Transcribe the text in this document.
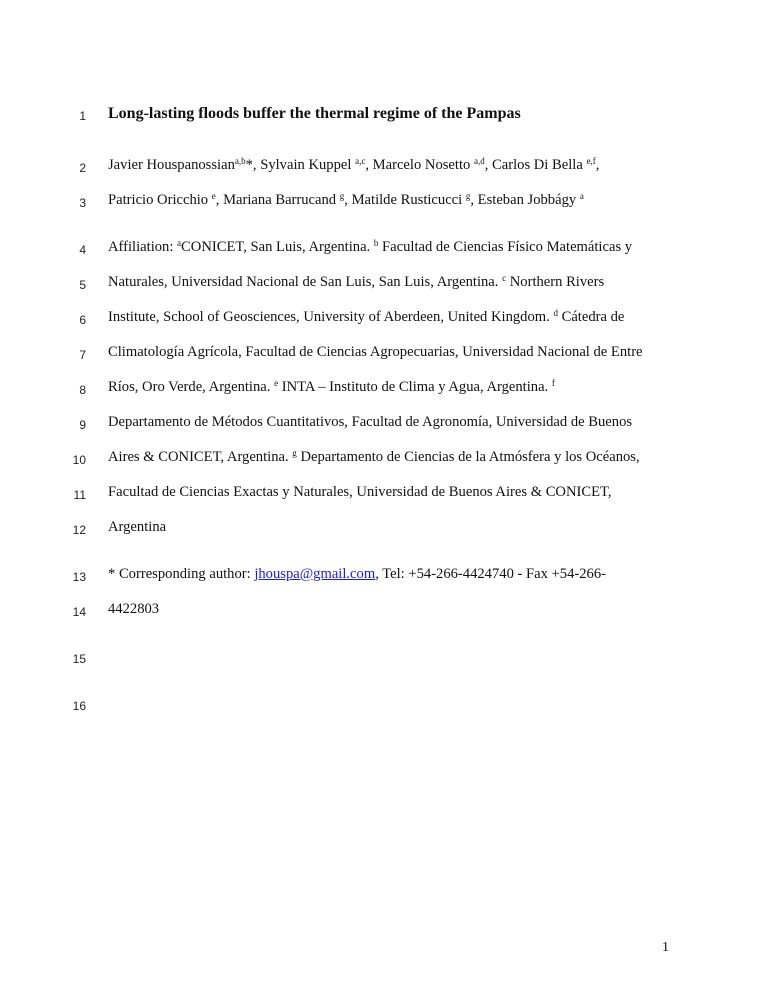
1
2
3
4
5
6
7
8
9
10
11
12
13
14
15
16
Long-lasting floods buffer the thermal regime of the Pampas
Javier Houspanossian$^{a,b}$*, Sylvain Kuppel $^{a,c}$, Marcelo Nosetto $^{a,d}$, Carlos Di Bella $^{e,f}$,
Patricio Oricchio $^e$, Mariana Barrucand $^g$, Matilde Rusticucci $^g$, Esteban Jobbágy $^a$
Affiliation: $^a$CONICET, San Luis, Argentina. $^b$ Facultad de Ciencias Físico Matemáticas y
Naturales, Universidad Nacional de San Luis, San Luis, Argentina. $^c$ Northern Rivers
Institute, School of Geosciences, University of Aberdeen, United Kingdom. $^d$ Cátedra de
Climatología Agrícola, Facultad de Ciencias Agropecuarias, Universidad Nacional de Entre
Ríos, Oro Verde, Argentina. $^e$ INTA – Instituto de Clima y Agua, Argentina. $^f$
Departamento de Métodos Cuantitativos, Facultad de Agronomía, Universidad de Buenos
Aires & CONICET, Argentina. $^g$ Departamento de Ciencias de la Atmósfera y los Océanos,
Facultad de Ciencias Exactas y Naturales, Universidad de Buenos Aires & CONICET,
Argentina
* Corresponding author: jhouspa@gmail.com, Tel: +54-266-4424740 - Fax +54-266-
4422803
1
